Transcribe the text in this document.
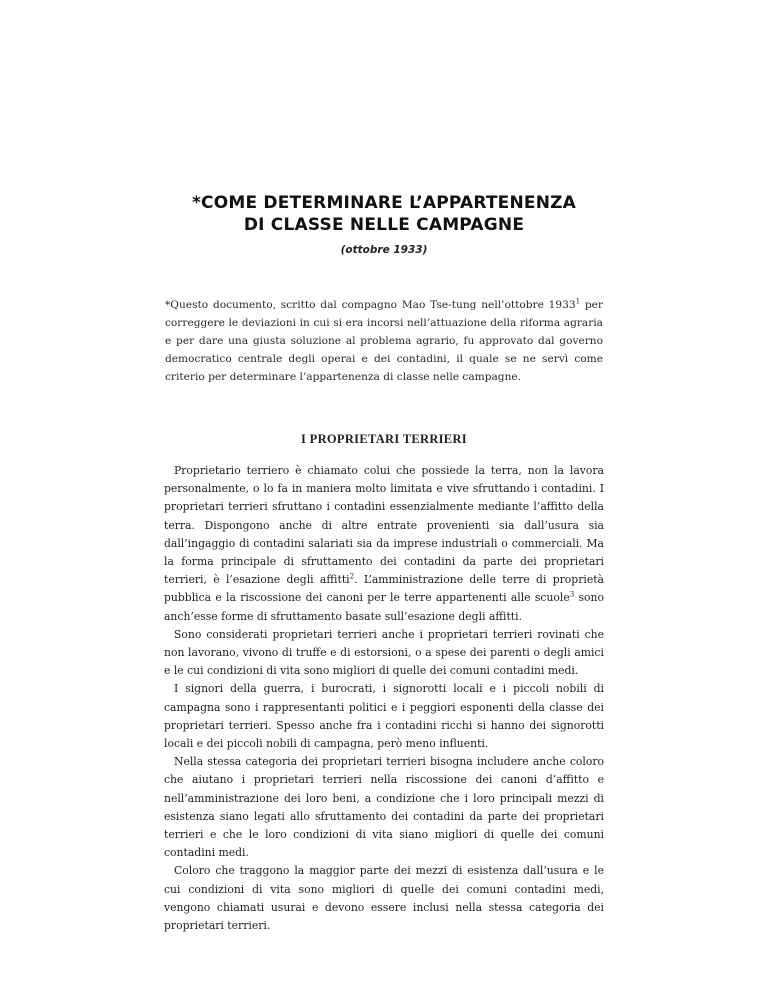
*COME DETERMINARE L’APPARTENENZA
DI CLASSE NELLE CAMPAGNE
(ottobre 1933)

*Questo documento, scritto dal compagno Mao Tse-tung nell’ottobre 1933$^1$ per correggere le deviazioni in cui si era incorsi nell’attuazione della riforma agraria e per dare una giusta soluzione al problema agrario, fu approvato dal governo democratico centrale degli operai e dei contadini, il quale se ne servì come criterio per determinare l’appartenenza di classe nelle campagne.

I PROPRIETARI TERRIERI

Proprietario terriero è chiamato colui che possiede la terra, non la lavora personalmente, o lo fa in maniera molto limitata e vive sfruttando i contadini. I proprietari terrieri sfruttano i contadini essenzialmente mediante l’affitto della terra. Dispongono anche di altre entrate provenienti sia dall’usura sia dall’ingaggio di contadini salariati sia da imprese industriali o commerciali. Ma la forma principale di sfruttamento dei contadini da parte dei proprietari terrieri, è l’esazione degli affitti$^2$. L’amministrazione delle terre di proprietà pubblica e la riscossione dei canoni per le terre appartenenti alle scuole$^3$ sono anch’esse forme di sfruttamento basate sull’esazione degli affitti.

Sono considerati proprietari terrieri anche i proprietari terrieri rovinati che non lavorano, vivono di truffe e di estorsioni, o a spese dei parenti o degli amici e le cui condizioni di vita sono migliori di quelle dei comuni contadini medi.

I signori della guerra, i burocrati, i signorotti locali e i piccoli nobili di campagna sono i rappresentanti politici e i peggiori esponenti della classe dei proprietari terrieri. Spesso anche fra i contadini ricchi si hanno dei signorotti locali e dei piccoli nobili di campagna, però meno influenti.

Nella stessa categoria dei proprietari terrieri bisogna includere anche coloro che aiutano i proprietari terrieri nella riscossione dei canoni d’affitto e nell’amministrazione dei loro beni, a condizione che i loro principali mezzi di esistenza siano legati allo sfruttamento dei contadini da parte dei proprietari terrieri e che le loro condizioni di vita siano migliori di quelle dei comuni contadini medi.

Coloro che traggono la maggior parte dei mezzi di esistenza dall’usura e le cui condizioni di vita sono migliori di quelle dei comuni contadini medi, vengono chiamati usurai e devono essere inclusi nella stessa categoria dei proprietari terrieri.
